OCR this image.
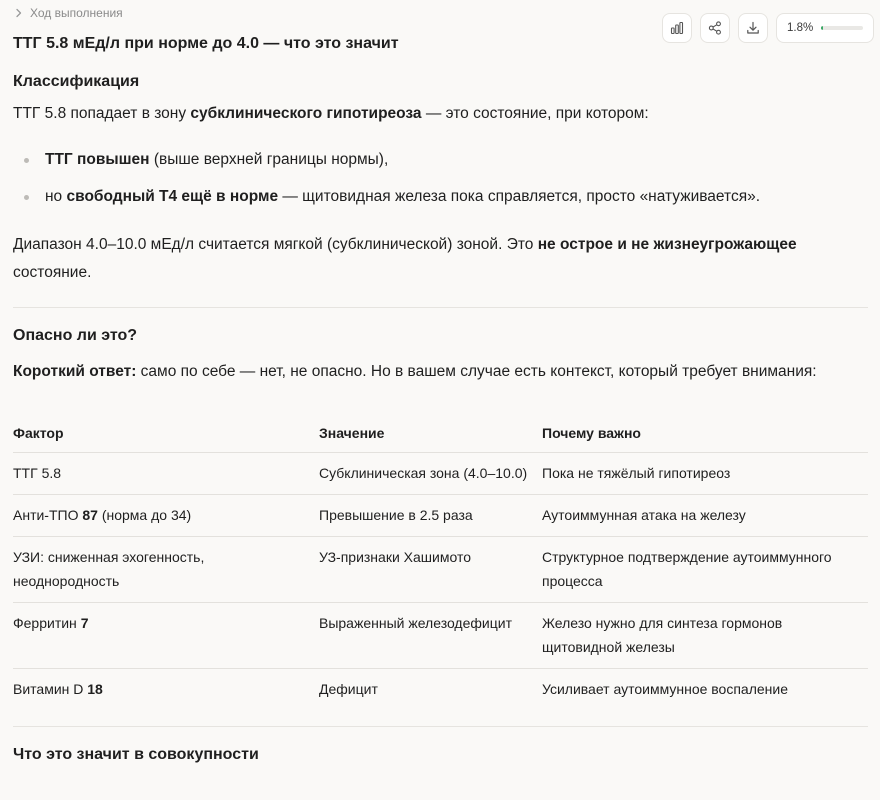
Ход выполнения
1.8%
ТТГ 5.8 мЕд/л при норме до 4.0 — что это значит
Классификация

ТТГ 5.8 попадает в зону субклинического гипотиреоза — это состояние, при котором:

ТТГ повышен (выше верхней границы нормы),
но свободный Т4 ещё в норме — щитовидная железа пока справляется, просто «натуживается».

Диапазон 4.0–10.0 мЕд/л считается мягкой (субклинической) зоной. Это не острое и не жизнеугрожающее состояние.

Опасно ли это?

Короткий ответ: само по себе — нет, не опасно. Но в вашем случае есть контекст, который требует внимания:

Фактор	Значение	Почему важно
ТТГ 5.8	Субклиническая зона (4.0–10.0)	Пока не тяжёлый гипотиреоз
Анти-ТПО 87 (норма до 34)	Превышение в 2.5 раза	Аутоиммунная атака на железу
УЗИ: сниженная эхогенность, неоднородность	УЗ-признаки Хашимото	Структурное подтверждение аутоиммунного процесса
Ферритин 7	Выраженный железодефицит	Железо нужно для синтеза гормонов щитовидной железы
Витамин D 18	Дефицит	Усиливает аутоиммунное воспаление
Что это значит в совокупности
